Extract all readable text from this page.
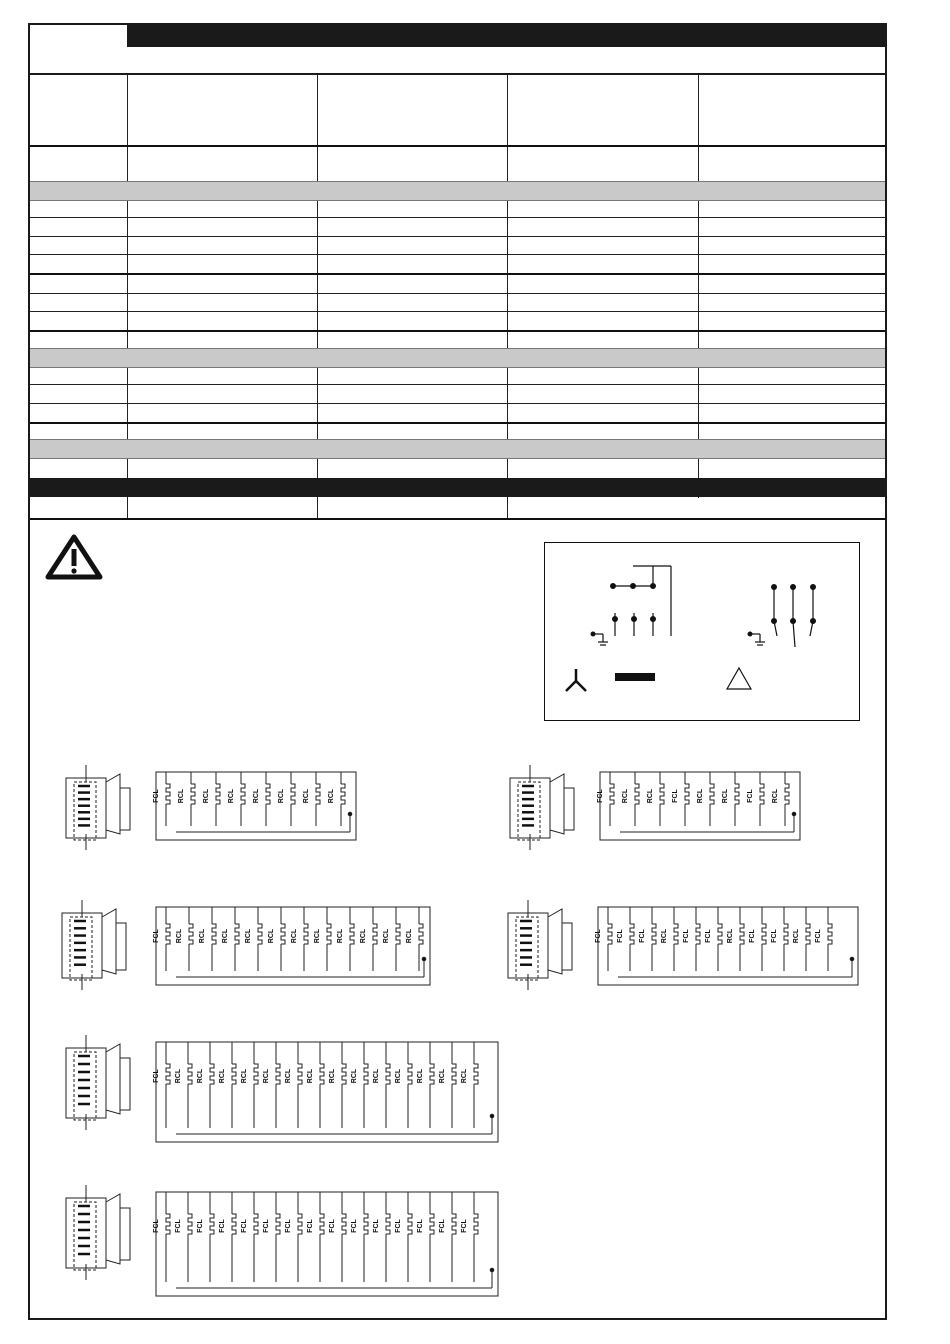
FCL	RCL	RCL	RCL	RCL	RCL	RCL	RCL	FCL	RCL	RCL	FCL	RCL	RCL	FCL	RCL
FCL RCL RCL RCL RCL RCL RCL RCL RCL RCL RCL RCL	FCL FCL FCL RCL FCL FCL RCL FCL FCL RCL FCL
FCL RCL RCL RCL RCL RCL RCL RCL RCL RCL RCL RCL RCL RCL RCL
FCL FCL FCL FCL FCL FCL FCL FCL FCL FCL FCL FCL FCL FCL FCL
